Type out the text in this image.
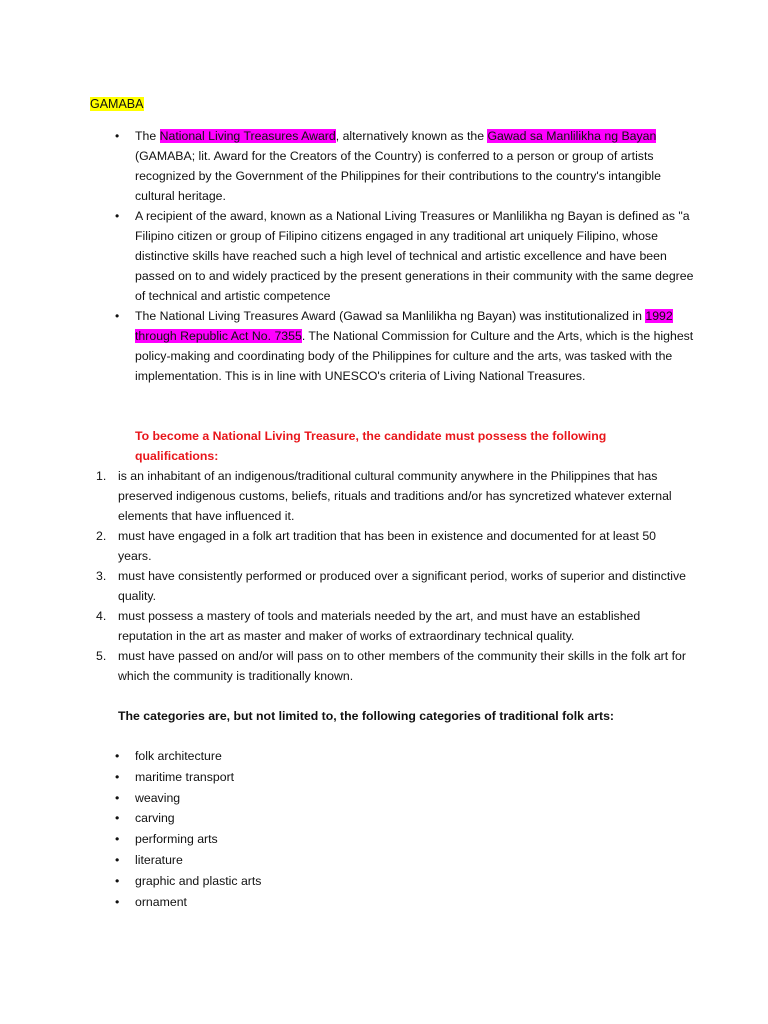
GAMABA
• The National Living Treasures Award, alternatively known as the Gawad sa Manlilikha ng Bayan (GAMABA; lit. Award for the Creators of the Country) is conferred to a person or group of artists recognized by the Government of the Philippines for their contributions to the country's intangible cultural heritage.
• A recipient of the award, known as a National Living Treasures or Manlilikha ng Bayan is defined as "a Filipino citizen or group of Filipino citizens engaged in any traditional art uniquely Filipino, whose distinctive skills have reached such a high level of technical and artistic excellence and have been passed on to and widely practiced by the present generations in their community with the same degree of technical and artistic competence
• The National Living Treasures Award (Gawad sa Manlilikha ng Bayan) was institutionalized in 1992 through Republic Act No. 7355. The National Commission for Culture and the Arts, which is the highest policy-making and coordinating body of the Philippines for culture and the arts, was tasked with the implementation. This is in line with UNESCO's criteria of Living National Treasures.
To become a National Living Treasure, the candidate must possess the following qualifications:
1. is an inhabitant of an indigenous/traditional cultural community anywhere in the Philippines that has preserved indigenous customs, beliefs, rituals and traditions and/or has syncretized whatever external elements that have influenced it.
2. must have engaged in a folk art tradition that has been in existence and documented for at least 50 years.
3. must have consistently performed or produced over a significant period, works of superior and distinctive quality.
4. must possess a mastery of tools and materials needed by the art, and must have an established reputation in the art as master and maker of works of extraordinary technical quality.
5. must have passed on and/or will pass on to other members of the community their skills in the folk art for which the community is traditionally known.
The categories are, but not limited to, the following categories of traditional folk arts:
• folk architecture
• maritime transport
• weaving
• carving
• performing arts
• literature
• graphic and plastic arts
• ornament
